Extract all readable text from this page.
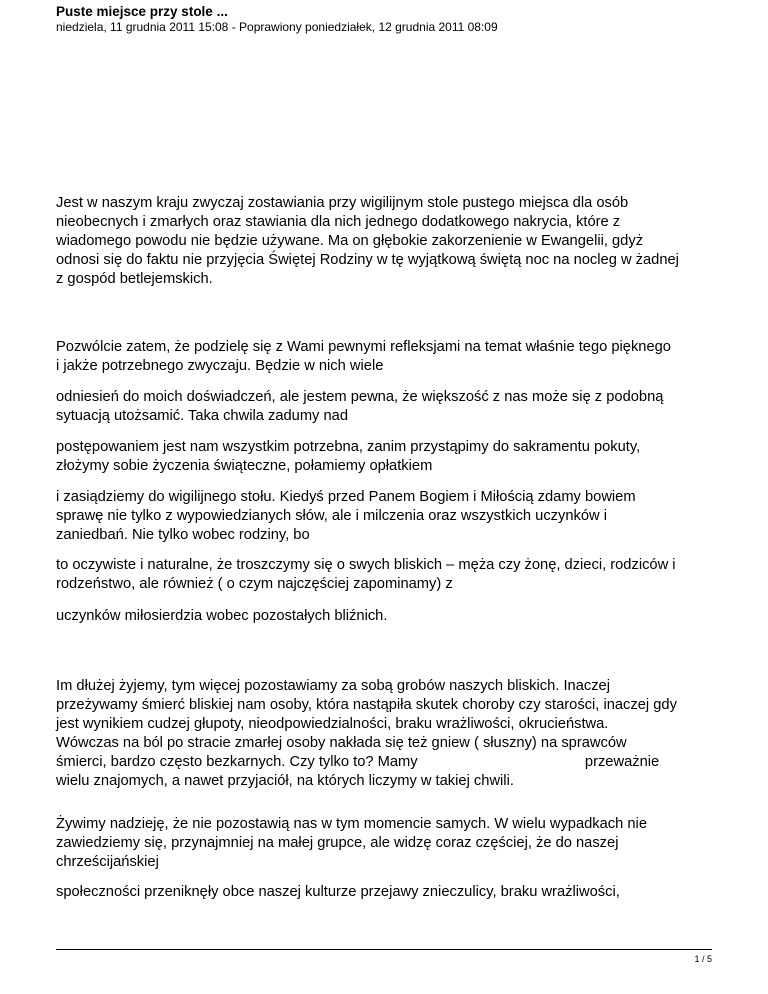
Puste miejsce przy stole ...
niedziela, 11 grudnia 2011 15:08 - Poprawiony poniedziałek, 12 grudnia 2011 08:09
Jest w naszym kraju zwyczaj zostawiania przy wigilijnym stole pustego miejsca dla osób
nieobecnych i zmarłych oraz stawiania dla nich jednego dodatkowego nakrycia, które z
wiadomego powodu nie będzie używane. Ma on głębokie zakorzenienie w Ewangelii, gdyż
odnosi się do faktu nie przyjęcia Świętej Rodziny w tę wyjątkową świętą noc na nocleg w żadnej
z gospód betlejemskich.
Pozwólcie zatem, że podzielę się z Wami pewnymi refleksjami na temat właśnie tego pięknego
i jakże potrzebnego zwyczaju. Będzie w nich wiele
odniesień do moich doświadczeń, ale jestem pewna, że większość z nas może się z podobną
sytuacją utożsamić. Taka chwila zadumy nad
postępowaniem jest nam wszystkim potrzebna, zanim przystąpimy do sakramentu pokuty,
złożymy sobie życzenia świąteczne, połamiemy opłatkiem
i zasiądziemy do wigilijnego stołu. Kiedyś przed Panem Bogiem i Miłością zdamy bowiem
sprawę nie tylko z wypowiedzianych słów, ale i milczenia oraz wszystkich uczynków i
zaniedbań. Nie tylko wobec rodziny, bo
to oczywiste i naturalne, że troszczymy się o swych bliskich – męża czy żonę, dzieci, rodziców i
rodzeństwo, ale również ( o czym najczęściej zapominamy) z
uczynków miłosierdzia wobec pozostałych bliźnich.
Im dłużej żyjemy, tym więcej pozostawiamy za sobą grobów naszych bliskich. Inaczej
przeżywamy śmierć bliskiej nam osoby, która nastąpiła skutek choroby czy starości, inaczej gdy
jest wynikiem cudzej głupoty, nieodpowiedzialności, braku wrażliwości, okrucieństwa.
Wówczas na ból po stracie zmarłej osoby nakłada się też gniew ( słuszny) na sprawców
śmierci, bardzo często bezkarnych. Czy tylko to? Mamy                                         przeważnie
wielu znajomych, a nawet przyjaciół, na których liczymy w takiej chwili.
Żywimy nadzieję, że nie pozostawią nas w tym momencie samych. W wielu wypadkach nie
zawiedziemy się, przynajmniej na małej grupce, ale widzę coraz częściej, że do naszej
chrześcijańskiej
społeczności przeniknęły obce naszej kulturze przejawy znieczulicy, braku wrażliwości,
1 / 5
